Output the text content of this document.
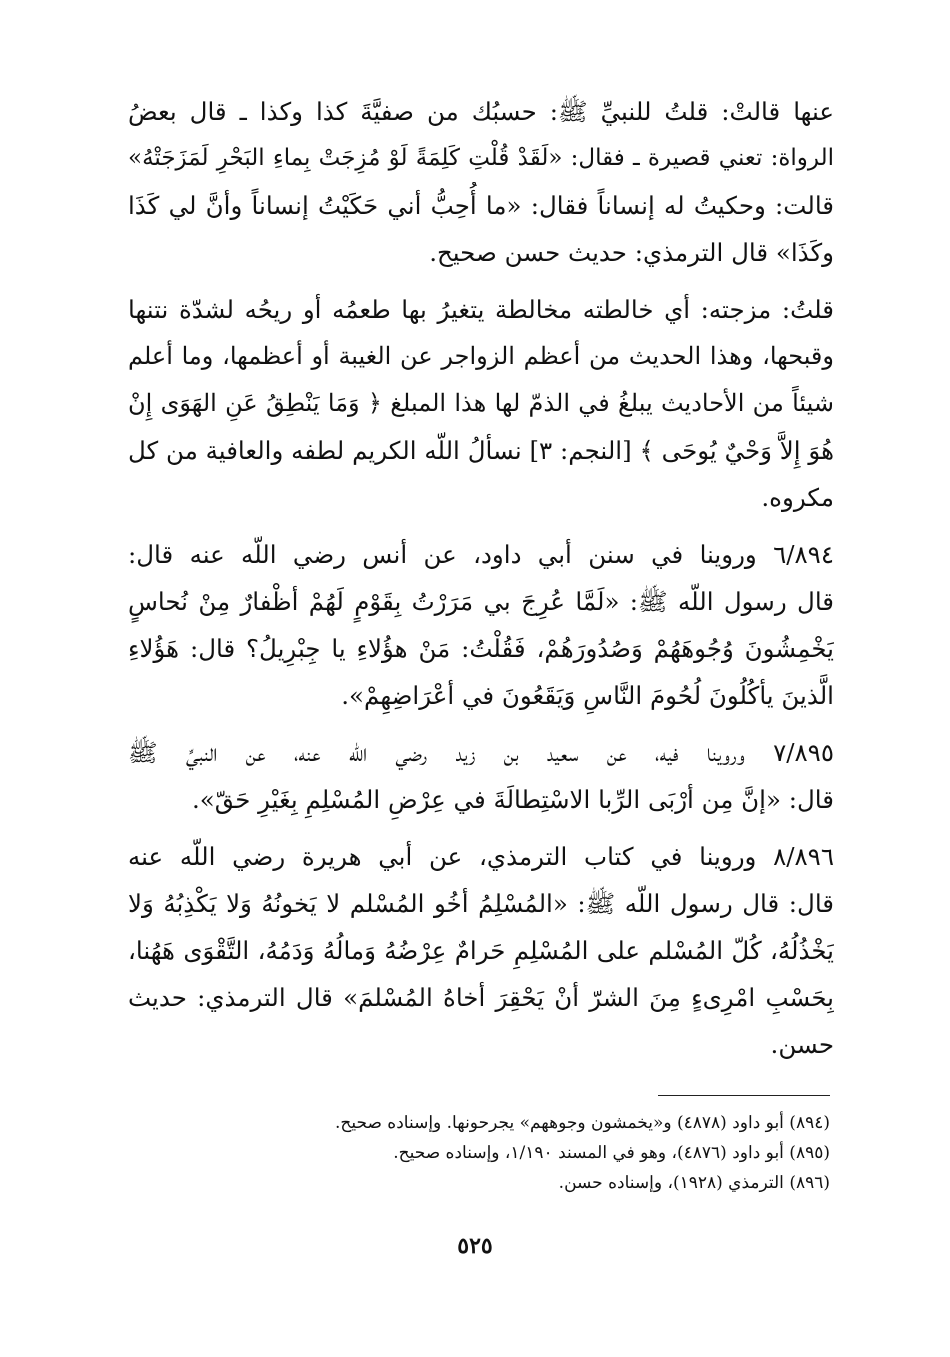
عنها قالتْ: قلتُ للنبيِّ ﷺ: حسبُك من صفيَّةَ كذا وكذا ـ قال بعضُ
الرواة: تعني قصيرة ـ فقال: «لَقَدْ قُلْتِ كَلِمَةً لَوْ مُزِجَتْ بِماءِ البَحْرِ لَمَزَجَتْهُ»
قالت: وحكيتُ له إنساناً فقال: «ما أُحِبُّ أني حَكَيْتُ إنساناً وأنَّ لي كَذَا
وكَذَا» قال الترمذي: حديث حسن صحيح.
قلتُ: مزجته: أي خالطته مخالطة يتغيرُ بها طعمُه أو ريحُه لشدّة نتنها
وقبحها، وهذا الحديث من أعظم الزواجر عن الغيبة أو أعظمها، وما أعلم
شيئاً من الأحاديث يبلغُ في الذمّ لها هذا المبلغ ﴿ وَمَا يَنْطِقُ عَنِ الهَوَى إِنْ
هُوَ إِلاَّ وَحْيٌ يُوحَى ﴾ [النجم: ٣] نسألُ اللّه الكريم لطفه والعافية من كل
مكروه.
٦/٨٩٤ وروينا في سنن أبي داود، عن أنس رضي اللّه عنه قال:
قال رسول اللّه ﷺ: «لَمَّا عُرِجَ بي مَرَرْتُ بِقَوْمٍ لَهُمْ أظْفارٌ مِنْ نُحاسٍ
يَخْمِشُونَ وُجُوهَهُمْ وَصُدُورَهُمْ، فَقُلْتُ: مَنْ هؤُلاءِ يا جِبْرِيلُ؟ قال: هَؤُلاءِ
الَّذينَ يأكُلُونَ لُحُومَ النَّاسِ وَيَقَعُونَ في أعْرَاضِهِمْ».
٧/٨٩٥ وروينا فيه، عن سعيد بن زيد رضي اللّه عنه، عن النبيِّ ﷺ
قال: «إنَّ مِن أرْبَى الرِّبا الاسْتِطالَةَ في عِرْضِ المُسْلِمِ بِغَيْرِ حَقّ».
٨/٨٩٦ وروينا في كتاب الترمذي، عن أبي هريرة رضي اللّه عنه
قال: قال رسول اللّه ﷺ: «المُسْلِمُ أخُو المُسْلم لا يَخونُهُ وَلا يَكْذِبُهُ وَلا
يَخْذُلُهُ، كُلّ المُسْلم على المُسْلِمِ حَرامٌ عِرْضُهُ وَمالُهُ وَدَمُهُ، التَّقْوَى هَهُنا،
بِحَسْبِ امْرِىءٍ مِنَ الشرّ أنْ يَحْقِرَ أخاهُ المُسْلمَ» قال الترمذي: حديث
حسن.
(٨٩٤) أبو داود (٤٨٧٨) و«يخمشون وجوههم» يجرحونها. وإسناده صحيح.
(٨٩٥) أبو داود (٤٨٧٦)، وهو في المسند ١/١٩٠، وإسناده صحيح.
(٨٩٦) الترمذي (١٩٢٨)، وإسناده حسن.
٥٢٥
